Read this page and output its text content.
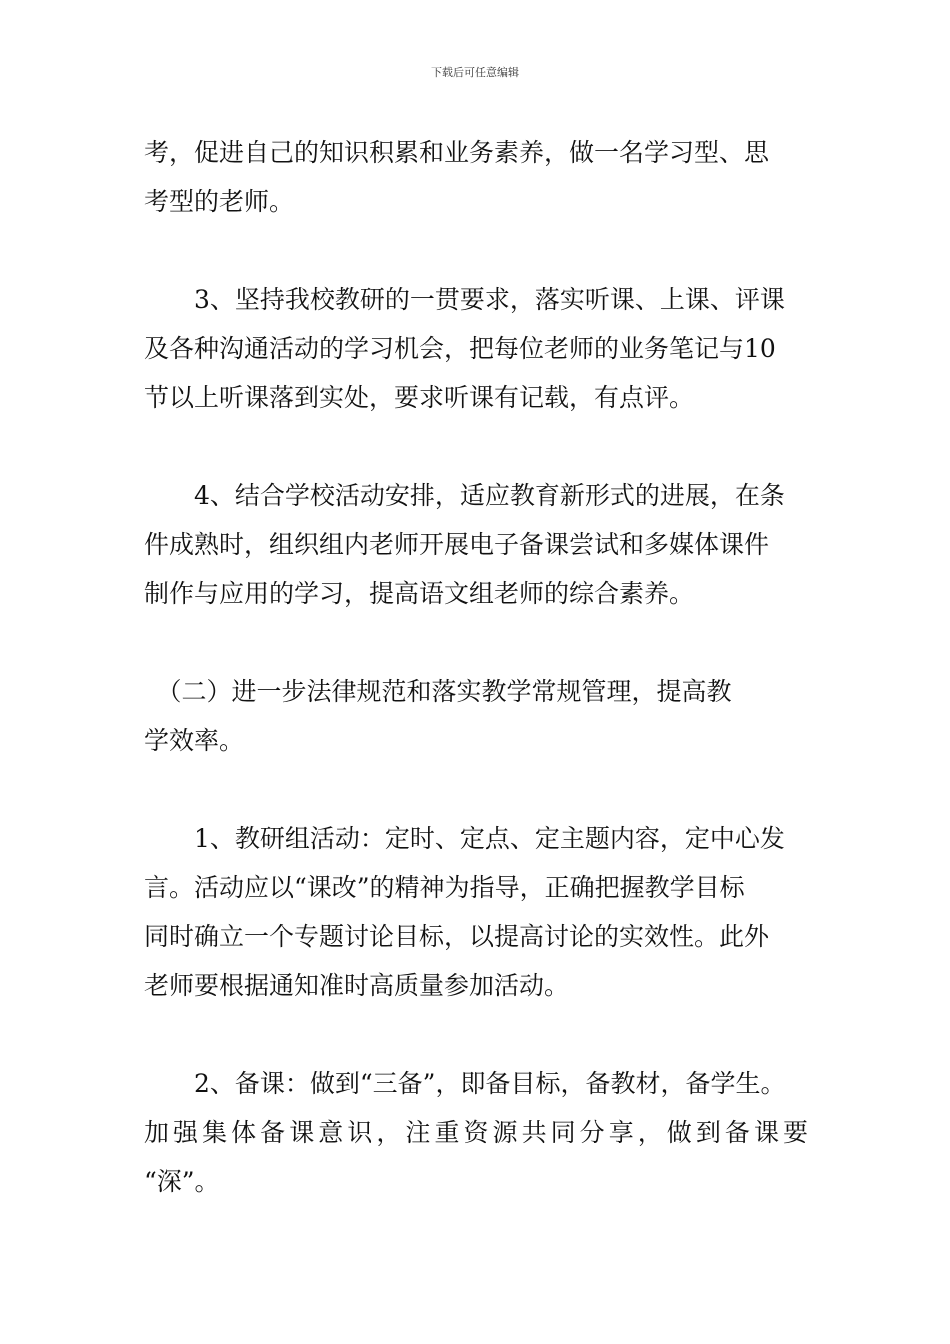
下载后可任意编辑
考，促进自己的知识积累和业务素养，做一名学习型、思
考型的老师。
　　3、坚持我校教研的一贯要求，落实听课、上课、评课
及各种沟通活动的学习机会，把每位老师的业务笔记与10
节以上听课落到实处，要求听课有记载，有点评。
　　4、结合学校活动安排，适应教育新形式的进展，在条
件成熟时，组织组内老师开展电子备课尝试和多媒体课件
制作与应用的学习，提高语文组老师的综合素养。
　（二）进一步法律规范和落实教学常规管理，提高教
学效率。
　　1、教研组活动：定时、定点、定主题内容，定中心发
言。活动应以“课改”的精神为指导，正确把握教学目标
同时确立一个专题讨论目标，以提高讨论的实效性。此外
老师要根据通知准时高质量参加活动。
　　2、备课：做到“三备”，即备目标，备教材，备学生。
加强集体备课意识，注重资源共同分享，做到备课要
“深”。
